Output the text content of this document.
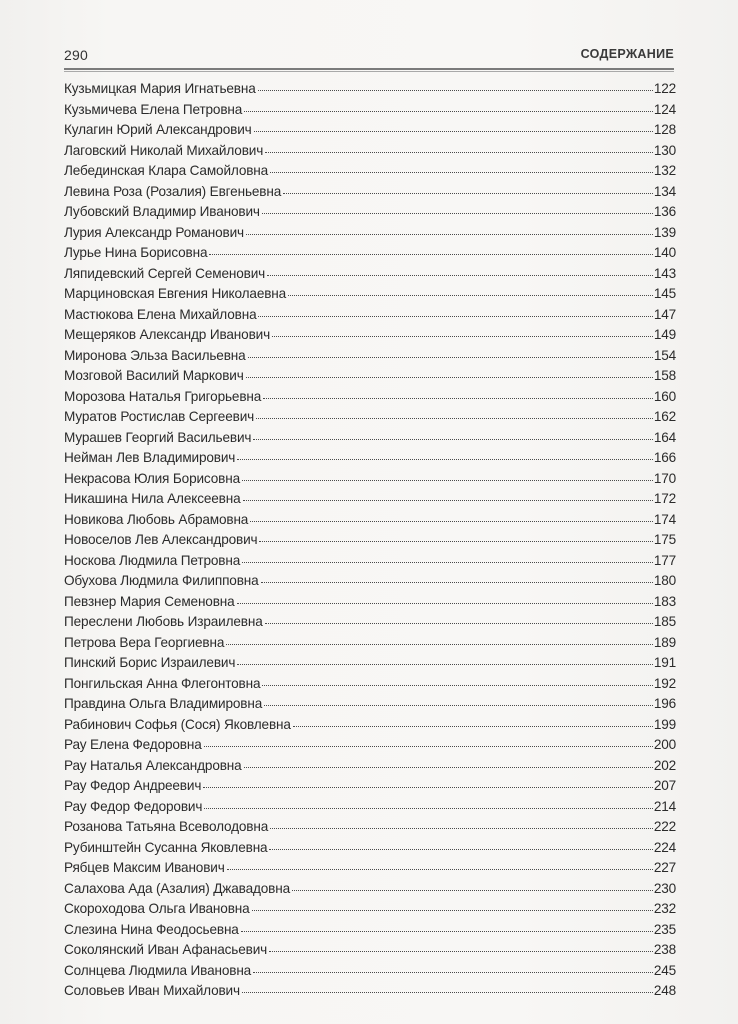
290	СОДЕРЖАНИЕ
Кузьмицкая Мария Игнатьевна	122
Кузьмичева Елена Петровна	124
Кулагин Юрий Александрович	128
Лаговский Николай Михайлович	130
Лебединская Клара Самойловна	132
Левина Роза (Розалия) Евгеньевна	134
Лубовский Владимир Иванович	136
Лурия Александр Романович	139
Лурье Нина Борисовна	140
Ляпидевский Сергей Семенович	143
Марциновская Евгения Николаевна	145
Мастюкова Елена Михайловна	147
Мещеряков Александр Иванович	149
Миронова Эльза Васильевна	154
Мозговой Василий Маркович	158
Морозова Наталья Григорьевна	160
Муратов Ростислав Сергеевич	162
Мурашев Георгий Васильевич	164
Нейман Лев Владимирович	166
Некрасова Юлия Борисовна	170
Никашина Нила Алексеевна	172
Новикова Любовь Абрамовна	174
Новоселов Лев Александрович	175
Носкова Людмила Петровна	177
Обухова Людмила Филипповна	180
Певзнер Мария Семеновна	183
Переслени Любовь Израилевна	185
Петрова Вера Георгиевна	189
Пинский Борис Израилевич	191
Понгильская Анна Флегонтовна	192
Правдина Ольга Владимировна	196
Рабинович Софья (Сося) Яковлевна	199
Рау Елена Федоровна	200
Рау Наталья Александровна	202
Рау Федор Андреевич	207
Рау Федор Федорович	214
Розанова Татьяна Всеволодовна	222
Рубинштейн Сусанна Яковлевна	224
Рябцев Максим Иванович	227
Салахова Ада (Азалия) Джавадовна	230
Скороходова Ольга Ивановна	232
Слезина Нина Феодосьевна	235
Соколянский Иван Афанасьевич	238
Солнцева Людмила Ивановна	245
Соловьев Иван Михайлович	248
